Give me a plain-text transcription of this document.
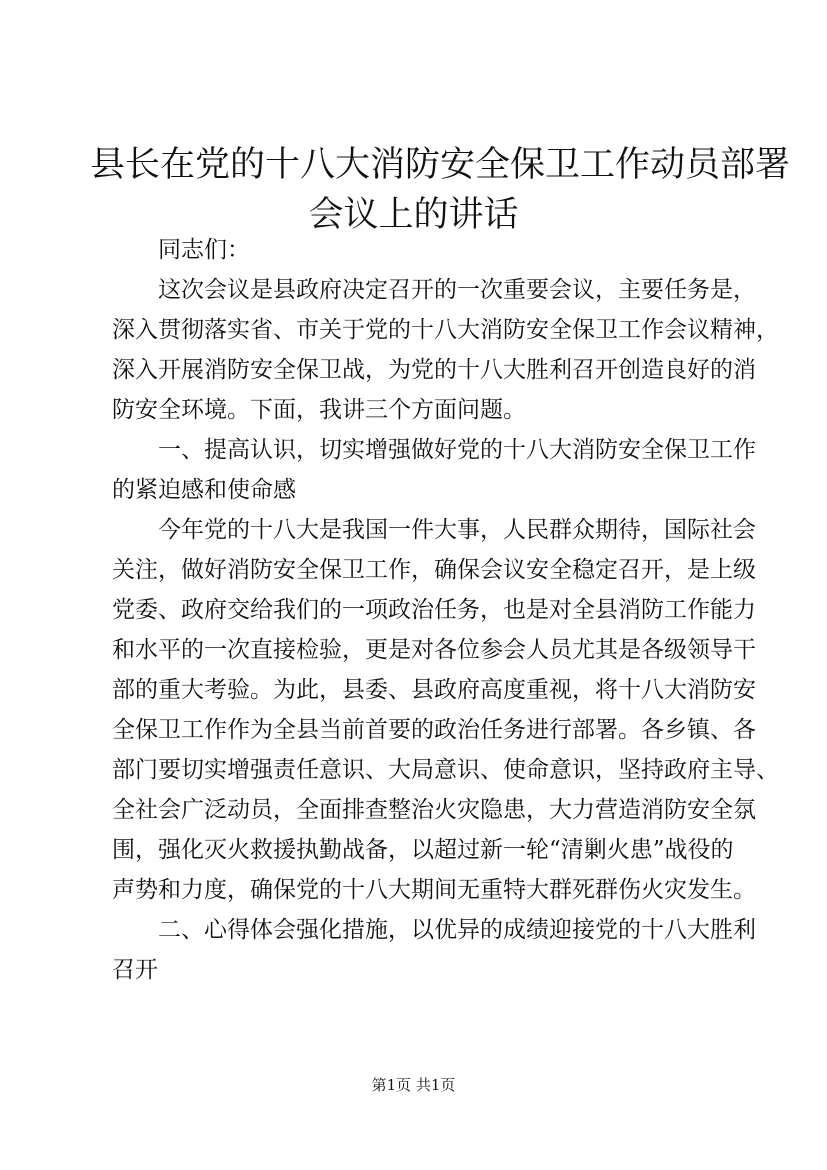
县长在党的十八大消防安全保卫工作动员部署
会议上的讲话
同志们：
这次会议是县政府决定召开的一次重要会议，主要任务是，
深入贯彻落实省、市关于党的十八大消防安全保卫工作会议精神，
深入开展消防安全保卫战，为党的十八大胜利召开创造良好的消
防安全环境。下面，我讲三个方面问题。
一、提高认识，切实增强做好党的十八大消防安全保卫工作
的紧迫感和使命感
今年党的十八大是我国一件大事，人民群众期待，国际社会
关注，做好消防安全保卫工作，确保会议安全稳定召开，是上级
党委、政府交给我们的一项政治任务，也是对全县消防工作能力
和水平的一次直接检验，更是对各位参会人员尤其是各级领导干
部的重大考验。为此，县委、县政府高度重视，将十八大消防安
全保卫工作作为全县当前首要的政治任务进行部署。各乡镇、各
部门要切实增强责任意识、大局意识、使命意识，坚持政府主导、
全社会广泛动员，全面排查整治火灾隐患，大力营造消防安全氛
围，强化灭火救援执勤战备，以超过新一轮“清剿火患”战役的
声势和力度，确保党的十八大期间无重特大群死群伤火灾发生。
二、心得体会强化措施，以优异的成绩迎接党的十八大胜利
召开
第1页 共1页
